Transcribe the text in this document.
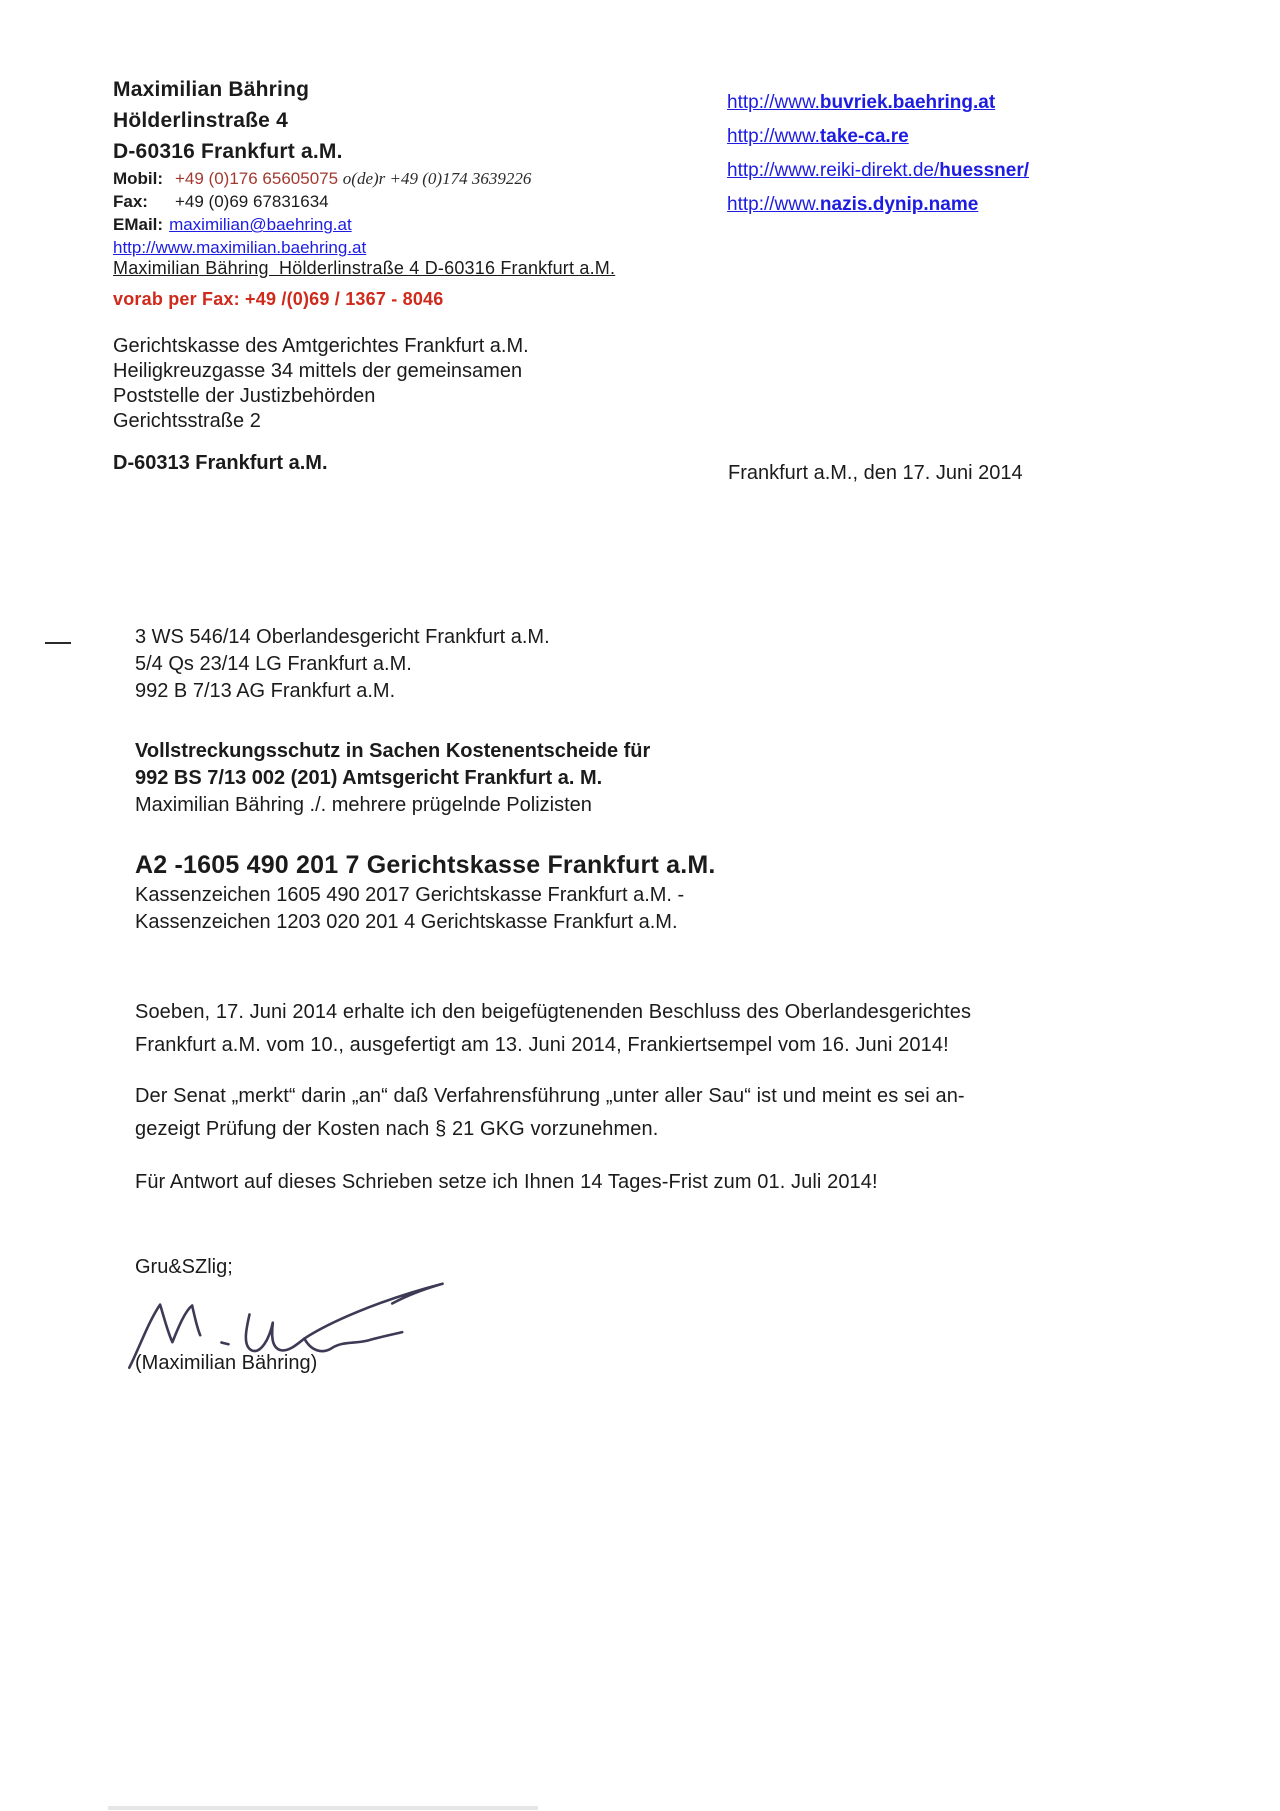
Maximilian Bähring
Hölderlinstraße 4
D-60316 Frankfurt a.M.
Mobil: +49 (0)176 65605075 o(de)r +49 (0)174 3639226
Fax: +49 (0)69 67831634
EMail: maximilian@baehring.at
http://www.maximilian.baehring.at
http://www.buvriek.baehring.at
http://www.take-ca.re
http://www.reiki-direkt.de/huessner/
http://www.nazis.dynip.name
Maximilian Bähring  Hölderlinstraße 4 D-60316 Frankfurt a.M.
vorab per Fax: +49 /(0)69 / 1367 - 8046
Gerichtskasse des Amtgerichtes Frankfurt a.M.
Heiligkreuzgasse 34 mittels der gemeinsamen
Poststelle der Justizbehörden
Gerichtsstraße 2
D-60313 Frankfurt a.M.	Frankfurt a.M., den 17. Juni 2014
3 WS 546/14 Oberlandesgericht Frankfurt a.M.
5/4 Qs 23/14 LG Frankfurt a.M.
992 B 7/13 AG Frankfurt a.M.
Vollstreckungsschutz in Sachen Kostenentscheide für
992 BS 7/13 002 (201) Amtsgericht Frankfurt a. M.
Maximilian Bähring ./. mehrere prügelnde Polizisten
A2 -1605 490 201 7 Gerichtskasse Frankfurt a.M.
Kassenzeichen 1605 490 2017 Gerichtskasse Frankfurt a.M. -
Kassenzeichen 1203 020 201 4 Gerichtskasse Frankfurt a.M.
Soeben, 17. Juni 2014 erhalte ich den beigefügtenenden Beschluss des Oberlandesgerichtes
Frankfurt a.M. vom 10., ausgefertigt am 13. Juni 2014, Frankiertsempel vom 16. Juni 2014!
Der Senat „merkt“ darin „an“ daß Verfahrensführung „unter aller Sau“ ist und meint es sei an-
gezeigt Prüfung der Kosten nach § 21 GKG vorzunehmen.
Für Antwort auf dieses Schrieben setze ich Ihnen 14 Tages-Frist zum 01. Juli 2014!
Gru&SZlig;
(Maximilian Bähring)
